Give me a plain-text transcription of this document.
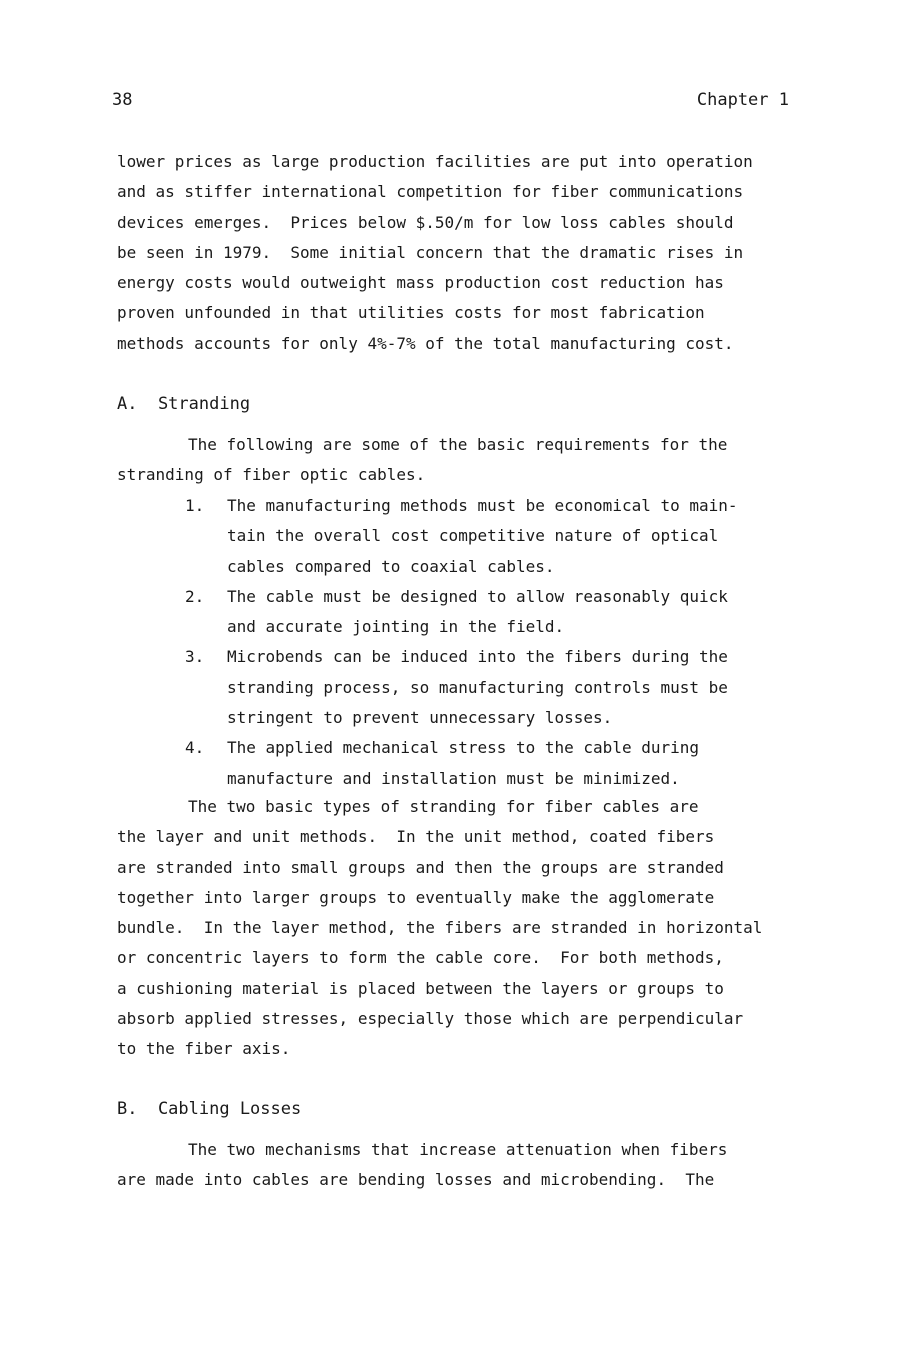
38	Chapter 1
lower prices as large production facilities are put into operation
and as stiffer international competition for fiber communications
devices emerges.  Prices below $.50/m for low loss cables should
be seen in 1979.  Some initial concern that the dramatic rises in
energy costs would outweight mass production cost reduction has
proven unfounded in that utilities costs for most fabrication
methods accounts for only 4%-7% of the total manufacturing cost.
A.  Stranding
The following are some of the basic requirements for the
stranding of fiber optic cables.
1. The manufacturing methods must be economical to main-
tain the overall cost competitive nature of optical
cables compared to coaxial cables.
2. The cable must be designed to allow reasonably quick
and accurate jointing in the field.
3. Microbends can be induced into the fibers during the
stranding process, so manufacturing controls must be
stringent to prevent unnecessary losses.
4. The applied mechanical stress to the cable during
manufacture and installation must be minimized.
The two basic types of stranding for fiber cables are
the layer and unit methods.  In the unit method, coated fibers
are stranded into small groups and then the groups are stranded
together into larger groups to eventually make the agglomerate
bundle.  In the layer method, the fibers are stranded in horizontal
or concentric layers to form the cable core.  For both methods,
a cushioning material is placed between the layers or groups to
absorb applied stresses, especially those which are perpendicular
to the fiber axis.
B.  Cabling Losses
The two mechanisms that increase attenuation when fibers
are made into cables are bending losses and microbending.  The
